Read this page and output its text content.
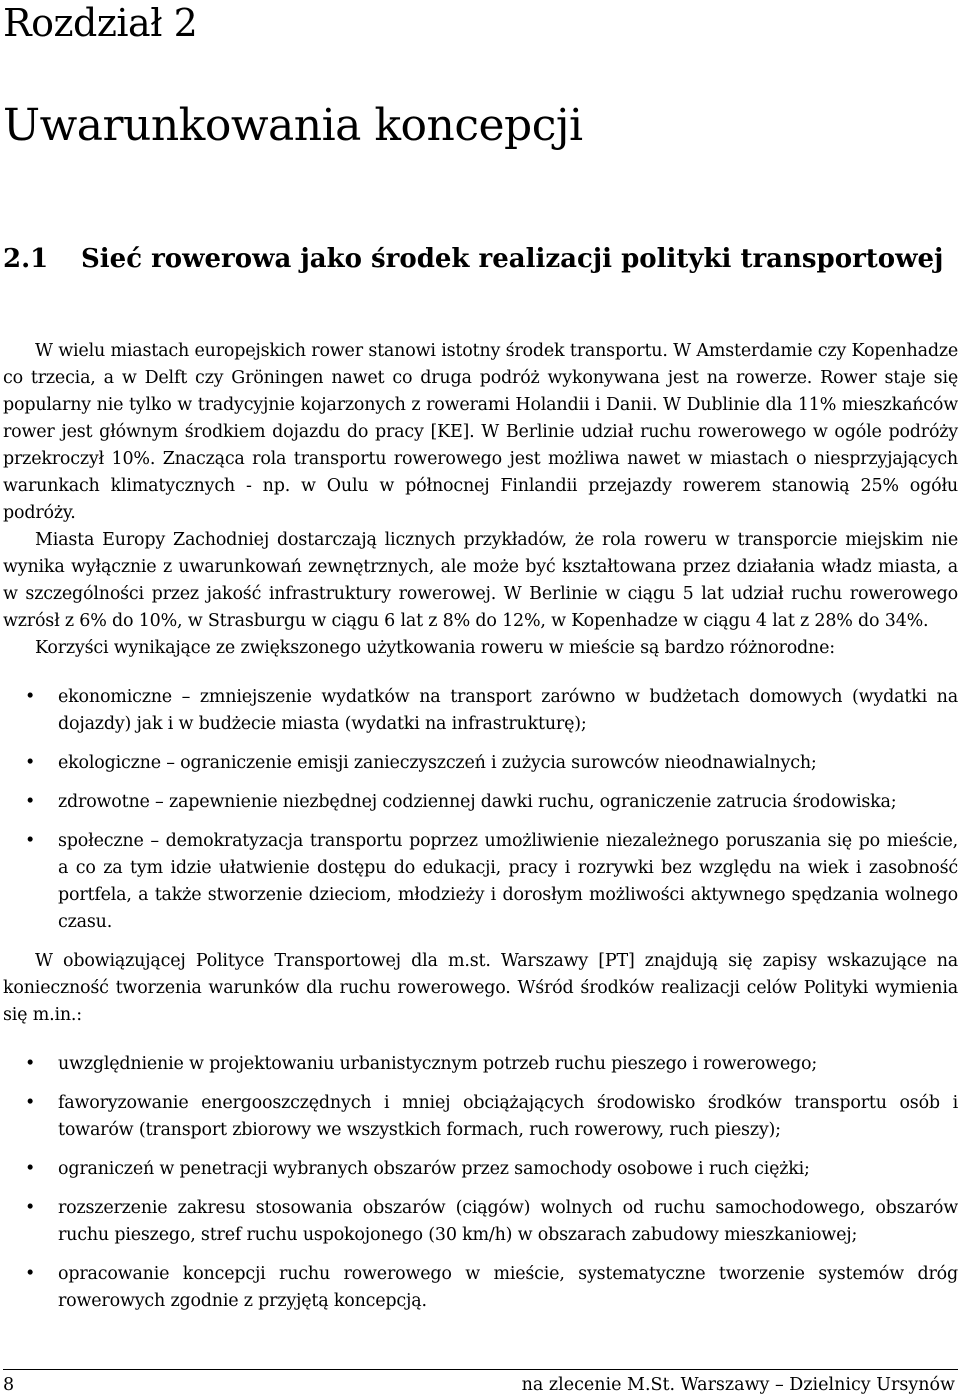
Rozdział 2
Uwarunkowania koncepcji
2.1 Sieć rowerowa jako środek realizacji polityki transportowej

W wielu miastach europejskich rower stanowi istotny środek transportu. W Amsterdamie czy Kopenhadze co trzecia, a w Delft czy Gröningen nawet co druga podróż wykonywana jest na rowerze. Rower staje się popularny nie tylko w tradycyjnie kojarzonych z rowerami Holandii i Danii. W Dublinie dla 11% mieszkańców rower jest głównym środkiem dojazdu do pracy [KE]. W Berlinie udział ruchu rowerowego w ogóle podróży przekroczył 10%. Znacząca rola transportu rowerowego jest możliwa nawet w miastach o niesprzyjających warunkach klimatycznych - np. w Oulu w północnej Finlandii przejazdy rowerem stanowią 25% ogółu podróży.

Miasta Europy Zachodniej dostarczają licznych przykładów, że rola roweru w transporcie miejskim nie wynika wyłącznie z uwarunkowań zewnętrznych, ale może być kształtowana przez działania władz miasta, a w szczególności przez jakość infrastruktury rowerowej. W Berlinie w ciągu 5 lat udział ruchu rowerowego wzrósł z 6% do 10%, w Strasburgu w ciągu 6 lat z 8% do 12%, w Kopenhadze w ciągu 4 lat z 28% do 34%.

Korzyści wynikające ze zwiększonego użytkowania roweru w mieście są bardzo różnorodne:

• ekonomiczne – zmniejszenie wydatków na transport zarówno w budżetach domowych (wydatki na dojazdy) jak i w budżecie miasta (wydatki na infrastrukturę);
• ekologiczne – ograniczenie emisji zanieczyszczeń i zużycia surowców nieodnawialnych;
• zdrowotne – zapewnienie niezbędnej codziennej dawki ruchu, ograniczenie zatrucia środowiska;
• społeczne – demokratyzacja transportu poprzez umożliwienie niezależnego poruszania się po mieście, a co za tym idzie ułatwienie dostępu do edukacji, pracy i rozrywki bez względu na wiek i zasobność portfela, a także stworzenie dzieciom, młodzieży i dorosłym możliwości aktywnego spędzania wolnego czasu.

W obowiązującej Polityce Transportowej dla m.st. Warszawy [PT] znajdują się zapisy wskazujące na konieczność tworzenia warunków dla ruchu rowerowego. Wśród środków realizacji celów Polityki wymienia się m.in.:

• uwzględnienie w projektowaniu urbanistycznym potrzeb ruchu pieszego i rowerowego;
• faworyzowanie energooszczędnych i mniej obciążających środowisko środków transportu osób i towarów (transport zbiorowy we wszystkich formach, ruch rowerowy, ruch pieszy);
• ograniczeń w penetracji wybranych obszarów przez samochody osobowe i ruch ciężki;
• rozszerzenie zakresu stosowania obszarów (ciągów) wolnych od ruchu samochodowego, obszarów ruchu pieszego, stref ruchu uspokojonego (30 km/h) w obszarach zabudowy mieszkaniowej;
• opracowanie koncepcji ruchu rowerowego w mieście, systematyczne tworzenie systemów dróg rowerowych zgodnie z przyjętą koncepcją.
8	na zlecenie M.St. Warszawy – Dzielnicy Ursynów
